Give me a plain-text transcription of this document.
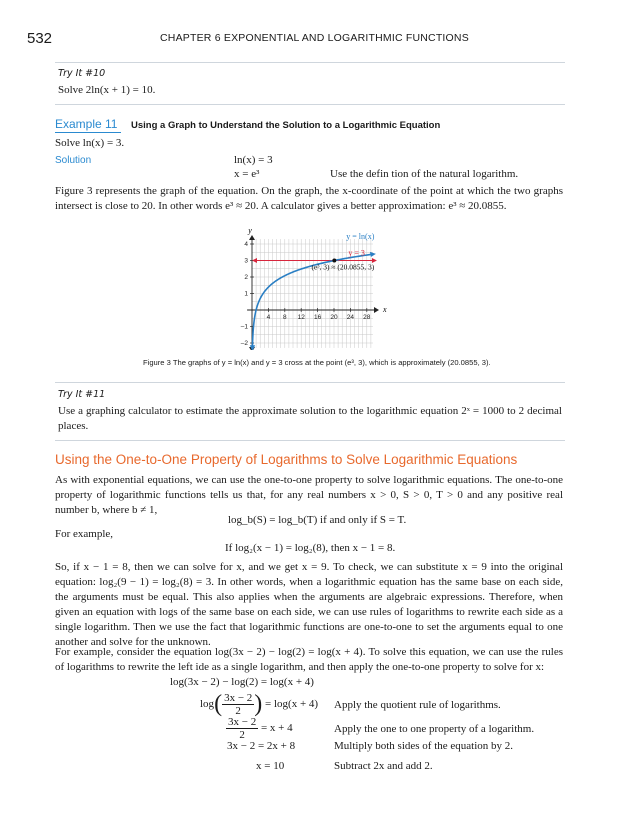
532	CHAPTER 6 EXPONENTIAL AND LOGARITHMIC FUNCTIONS
Try It #10
Solve 2ln(x + 1) = 10.
Example 11	Using a Graph to Understand the Solution to a Logarithmic Equation
Solve ln(x) = 3.
Solution	ln(x) = 3
x = e³	Use the defin tion of the natural logarithm.
Figure 3 represents the graph of the equation. On the graph, the x-coordinate of the point at which the two graphs intersect is close to 20. In other words e³ ≈ 20. A calculator gives a better approximation: e³ ≈ 20.0855.
4 8 12 16 20 24 28
–2
–1
1
2
3
4
x
y
y = ln(x)
y = 3
(e³, 3) ≈ (20.0855, 3)
Figure 3 The graphs of y = ln(x) and y = 3 cross at the point (e³, 3), which is approximately (20.0855, 3).
Try It #11
Use a graphing calculator to estimate the approximate solution to the logarithmic equation 2ˣ = 1000 to 2 decimal places.
Using the One-to-One Property of Logarithms to Solve Logarithmic Equations
As with exponential equations, we can use the one-to-one property to solve logarithmic equations. The one-to-one property of logarithmic functions tells us that, for any real numbers x > 0, S > 0, T > 0 and any positive real number b, where b ≠ 1,
log_b(S) = log_b(T) if and only if S = T.
For example,
If log₂(x − 1) = log₂(8), then x − 1 = 8.
So, if x − 1 = 8, then we can solve for x, and we get x = 9. To check, we can substitute x = 9 into the original equation: log₂(9 − 1) = log₂(8) = 3. In other words, when a logarithmic equation has the same base on each side, the arguments must be equal. This also applies when the arguments are algebraic expressions. Therefore, when given an equation with logs of the same base on each side, we can use rules of logarithms to rewrite each side as a single logarithm. Then we use the fact that logarithmic functions are one-to-one to set the arguments equal to one another and solve for the unknown.
For example, consider the equation log(3x − 2) − log(2) = log(x + 4). To solve this equation, we can use the rules of logarithms to rewrite the left ide as a single logarithm, and then apply the one-to-one property to solve for x:
log(3x − 2) − log(2) = log(x + 4)
$\log( \frac{3x - 2}{2}$ ) = log(x + 4) Apply the quotient rule of logarithms.
$\frac{3x - 2}{2} = x + 4$	Apply the one to one property of a logarithm.
3x − 2 = 2x + 8	Multiply both sides of the equation by 2.
x = 10	Subtract 2x and add 2.
